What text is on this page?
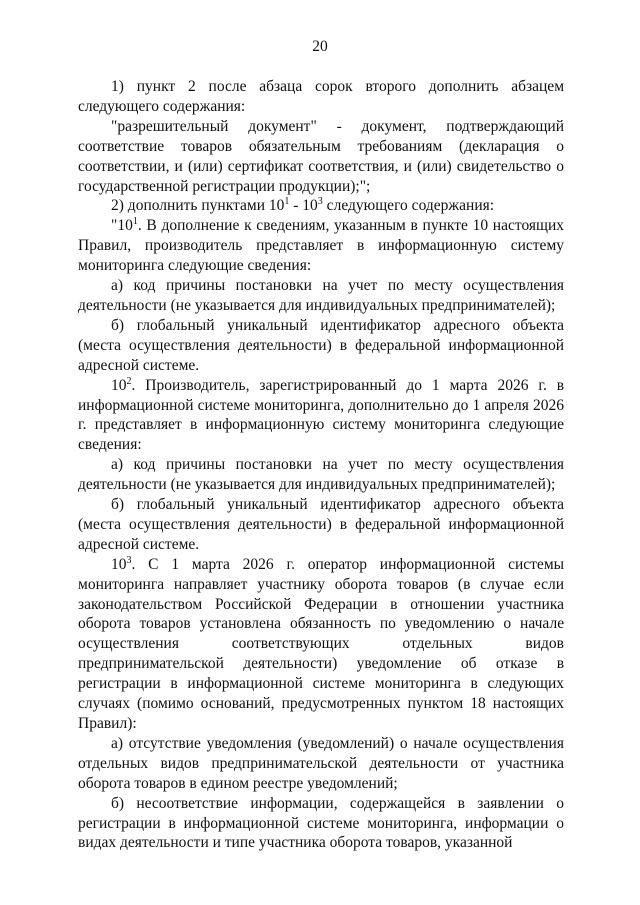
20

1) пункт 2 после абзаца сорок второго дополнить абзацем следующего содержания:

"разрешительный документ" - документ, подтверждающий соответствие товаров обязательным требованиям (декларация о соответствии, и (или) сертификат соответствия, и (или) свидетельство о государственной регистрации продукции);";

2) дополнить пунктами $10^1 - 10^3$ следующего содержания:

"$10^1$. В дополнение к сведениям, указанным в пункте 10 настоящих Правил, производитель представляет в информационную систему мониторинга следующие сведения:

а) код причины постановки на учет по месту осуществления деятельности (не указывается для индивидуальных предпринимателей);

б) глобальный уникальный идентификатор адресного объекта (места осуществления деятельности) в федеральной информационной адресной системе.

$10^2$. Производитель, зарегистрированный до 1 марта 2026 г. в информационной системе мониторинга, дополнительно до 1 апреля 2026 г. представляет в информационную систему мониторинга следующие сведения:

а) код причины постановки на учет по месту осуществления деятельности (не указывается для индивидуальных предпринимателей);

б) глобальный уникальный идентификатор адресного объекта (места осуществления деятельности) в федеральной информационной адресной системе.

$10^3$. С 1 марта 2026 г. оператор информационной системы мониторинга направляет участнику оборота товаров (в случае если законодательством Российской Федерации в отношении участника оборота товаров установлена обязанность по уведомлению о начале осуществления	соответствующих	отдельных	видов предпринимательской деятельности) уведомление об отказе в регистрации в информационной системе мониторинга в следующих случаях (помимо оснований, предусмотренных пунктом 18 настоящих Правил):

а) отсутствие уведомления (уведомлений) о начале осуществления отдельных видов предпринимательской деятельности от участника оборота товаров в едином реестре уведомлений;

б) несоответствие информации, содержащейся в заявлении о регистрации в информационной системе мониторинга, информации о видах деятельности и типе участника оборота товаров, указанной
